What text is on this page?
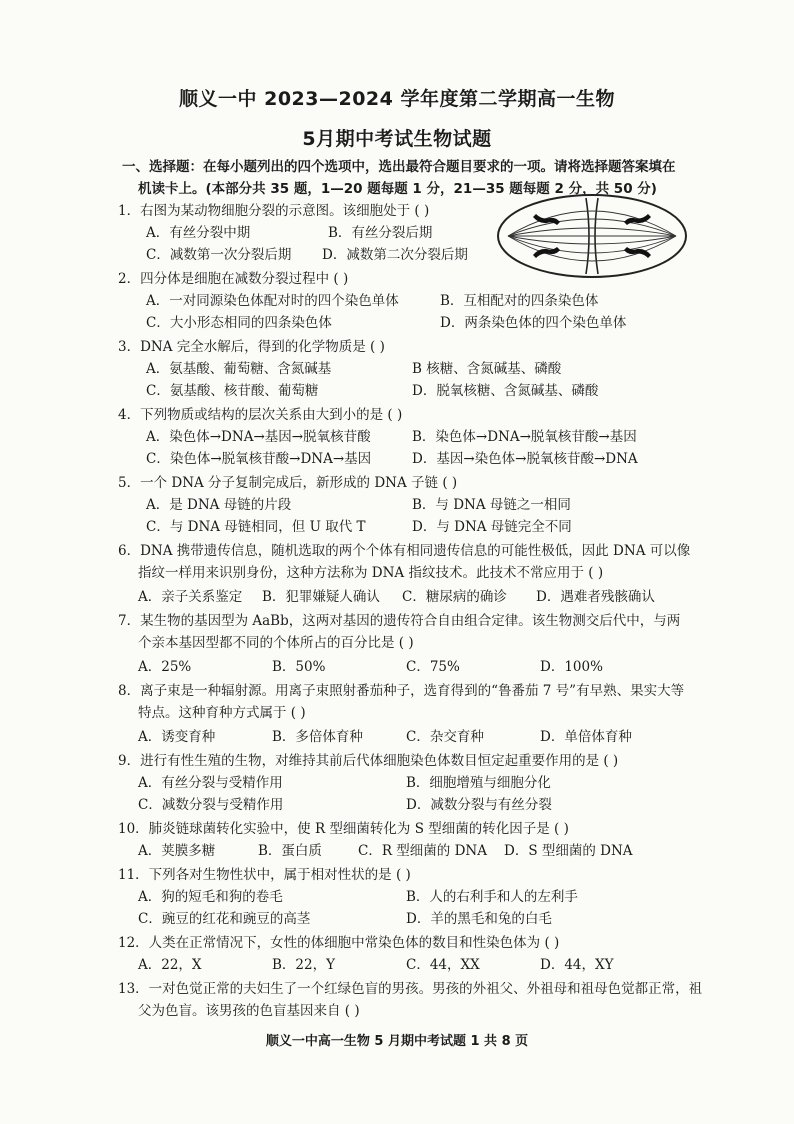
顺义一中 2023—2024 学年度第二学期高一生物
5月期中考试生物试题
一、选择题：在每小题列出的四个选项中，选出最符合题目要求的一项。请将选择题答案填在
机读卡上。(本部分共 35 题，1—20 题每题 1 分，21—35 题每题 2 分，共 50 分)
1．右图为某动物细胞分裂的示意图。该细胞处于 ( )
A．有丝分裂中期	B．有丝分裂后期
C．减数第一次分裂后期 D．减数第二次分裂后期
2．四分体是细胞在减数分裂过程中 ( )
A．一对同源染色体配对时的四个染色单体	B．互相配对的四条染色体
C．大小形态相同的四条染色体	D．两条染色体的四个染色单体
3．DNA 完全水解后，得到的化学物质是 ( )
A．氨基酸、葡萄糖、含氮碱基	B 核糖、含氮碱基、磷酸
C．氨基酸、核苷酸、葡萄糖	D．脱氧核糖、含氮碱基、磷酸
4．下列物质或结构的层次关系由大到小的是 ( )
A．染色体→DNA→基因→脱氧核苷酸	B．染色体→DNA→脱氧核苷酸→基因
C．染色体→脱氧核苷酸→DNA→基因	D．基因→染色体→脱氧核苷酸→DNA
5．一个 DNA 分子复制完成后，新形成的 DNA 子链 ( )
A．是 DNA 母链的片段	B．与 DNA 母链之一相同
C．与 DNA 母链相同，但 U 取代 T	D．与 DNA 母链完全不同
6．DNA 携带遗传信息，随机选取的两个个体有相同遗传信息的可能性极低，因此 DNA 可以像
指纹一样用来识别身份，这种方法称为 DNA 指纹技术。此技术不常应用于 ( )
A．亲子关系鉴定 B．犯罪嫌疑人确认 C．糖尿病的确诊 D．遇难者残骸确认
7．某生物的基因型为 AaBb，这两对基因的遗传符合自由组合定律。该生物测交后代中，与两
个亲本基因型都不同的个体所占的百分比是 ( )
A．25%	B．50%	C．75%	D．100%
8．离子束是一种辐射源。用离子束照射番茄种子，选育得到的“鲁番茄 7 号”有早熟、果实大等
特点。这种育种方式属于 ( )
A．诱变育种	B．多倍体育种	C．杂交育种	D．单倍体育种
9．进行有性生殖的生物，对维持其前后代体细胞染色体数目恒定起重要作用的是 ( )
A．有丝分裂与受精作用	B．细胞增殖与细胞分化
C．减数分裂与受精作用	D．减数分裂与有丝分裂
10．肺炎链球菌转化实验中，使 R 型细菌转化为 S 型细菌的转化因子是 ( )
A．荚膜多糖	B．蛋白质	C．R 型细菌的 DNA D．S 型细菌的 DNA
11．下列各对生物性状中，属于相对性状的是 ( )
A．狗的短毛和狗的卷毛	B．人的右利手和人的左利手
C．豌豆的红花和豌豆的高茎	D．羊的黑毛和兔的白毛
12．人类在正常情况下，女性的体细胞中常染色体的数目和性染色体为 ( )
A．22，X	B．22，Y	C．44，XX	D．44，XY
13．一对色觉正常的夫妇生了一个红绿色盲的男孩。男孩的外祖父、外祖母和祖母色觉都正常，祖
父为色盲。该男孩的色盲基因来自 ( )
顺义一中高一生物 5 月期中考试题 1 共 8 页
